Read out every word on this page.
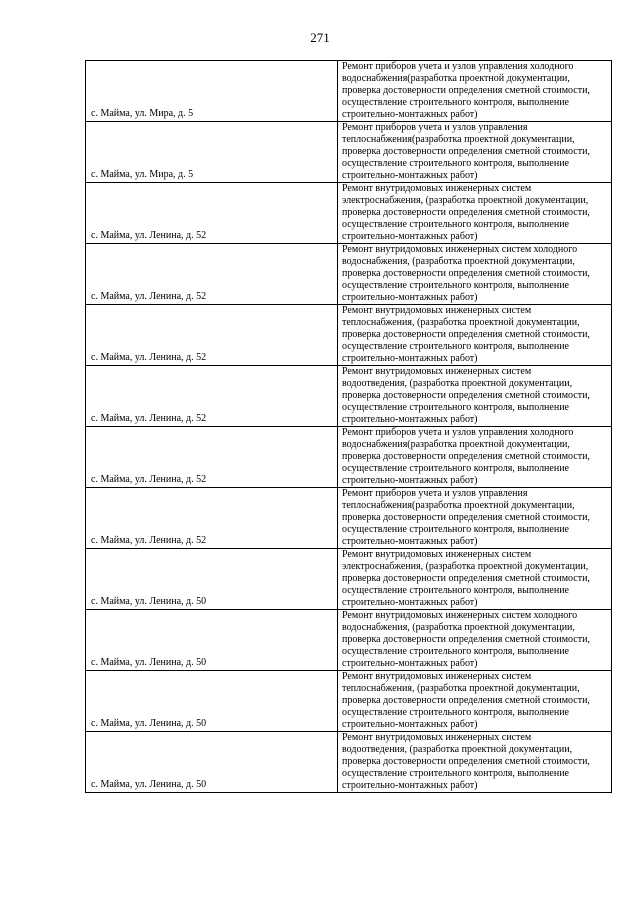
271
с. Майма, ул. Мира, д. 5	Ремонт приборов учета и узлов управления холодного
водоснабжения(разработка проектной документации,
проверка достоверности определения сметной стоимости,
осуществление строительного контроля, выполнение
строительно-монтажных работ)
с. Майма, ул. Мира, д. 5	Ремонт приборов учета и узлов управления
теплоснабжения(разработка проектной документации,
проверка достоверности определения сметной стоимости,
осуществление строительного контроля, выполнение
строительно-монтажных работ)
с. Майма, ул. Ленина, д. 52	Ремонт внутридомовых инженерных систем
электроснабжения, (разработка проектной документации,
проверка достоверности определения сметной стоимости,
осуществление строительного контроля, выполнение
строительно-монтажных работ)
с. Майма, ул. Ленина, д. 52	Ремонт внутридомовых инженерных систем холодного
водоснабжения, (разработка проектной документации,
проверка достоверности определения сметной стоимости,
осуществление строительного контроля, выполнение
строительно-монтажных работ)
с. Майма, ул. Ленина, д. 52	Ремонт внутридомовых инженерных систем
теплоснабжения, (разработка проектной документации,
проверка достоверности определения сметной стоимости,
осуществление строительного контроля, выполнение
строительно-монтажных работ)
с. Майма, ул. Ленина, д. 52	Ремонт внутридомовых инженерных систем
водоотведения, (разработка проектной документации,
проверка достоверности определения сметной стоимости,
осуществление строительного контроля, выполнение
строительно-монтажных работ)
с. Майма, ул. Ленина, д. 52	Ремонт приборов учета и узлов управления холодного
водоснабжения(разработка проектной документации,
проверка достоверности определения сметной стоимости,
осуществление строительного контроля, выполнение
строительно-монтажных работ)
с. Майма, ул. Ленина, д. 52	Ремонт приборов учета и узлов управления
теплоснабжения(разработка проектной документации,
проверка достоверности определения сметной стоимости,
осуществление строительного контроля, выполнение
строительно-монтажных работ)
с. Майма, ул. Ленина, д. 50	Ремонт внутридомовых инженерных систем
электроснабжения, (разработка проектной документации,
проверка достоверности определения сметной стоимости,
осуществление строительного контроля, выполнение
строительно-монтажных работ)
с. Майма, ул. Ленина, д. 50	Ремонт внутридомовых инженерных систем холодного
водоснабжения, (разработка проектной документации,
проверка достоверности определения сметной стоимости,
осуществление строительного контроля, выполнение
строительно-монтажных работ)
с. Майма, ул. Ленина, д. 50	Ремонт внутридомовых инженерных систем
теплоснабжения, (разработка проектной документации,
проверка достоверности определения сметной стоимости,
осуществление строительного контроля, выполнение
строительно-монтажных работ)
с. Майма, ул. Ленина, д. 50	Ремонт внутридомовых инженерных систем
водоотведения, (разработка проектной документации,
проверка достоверности определения сметной стоимости,
осуществление строительного контроля, выполнение
строительно-монтажных работ)
